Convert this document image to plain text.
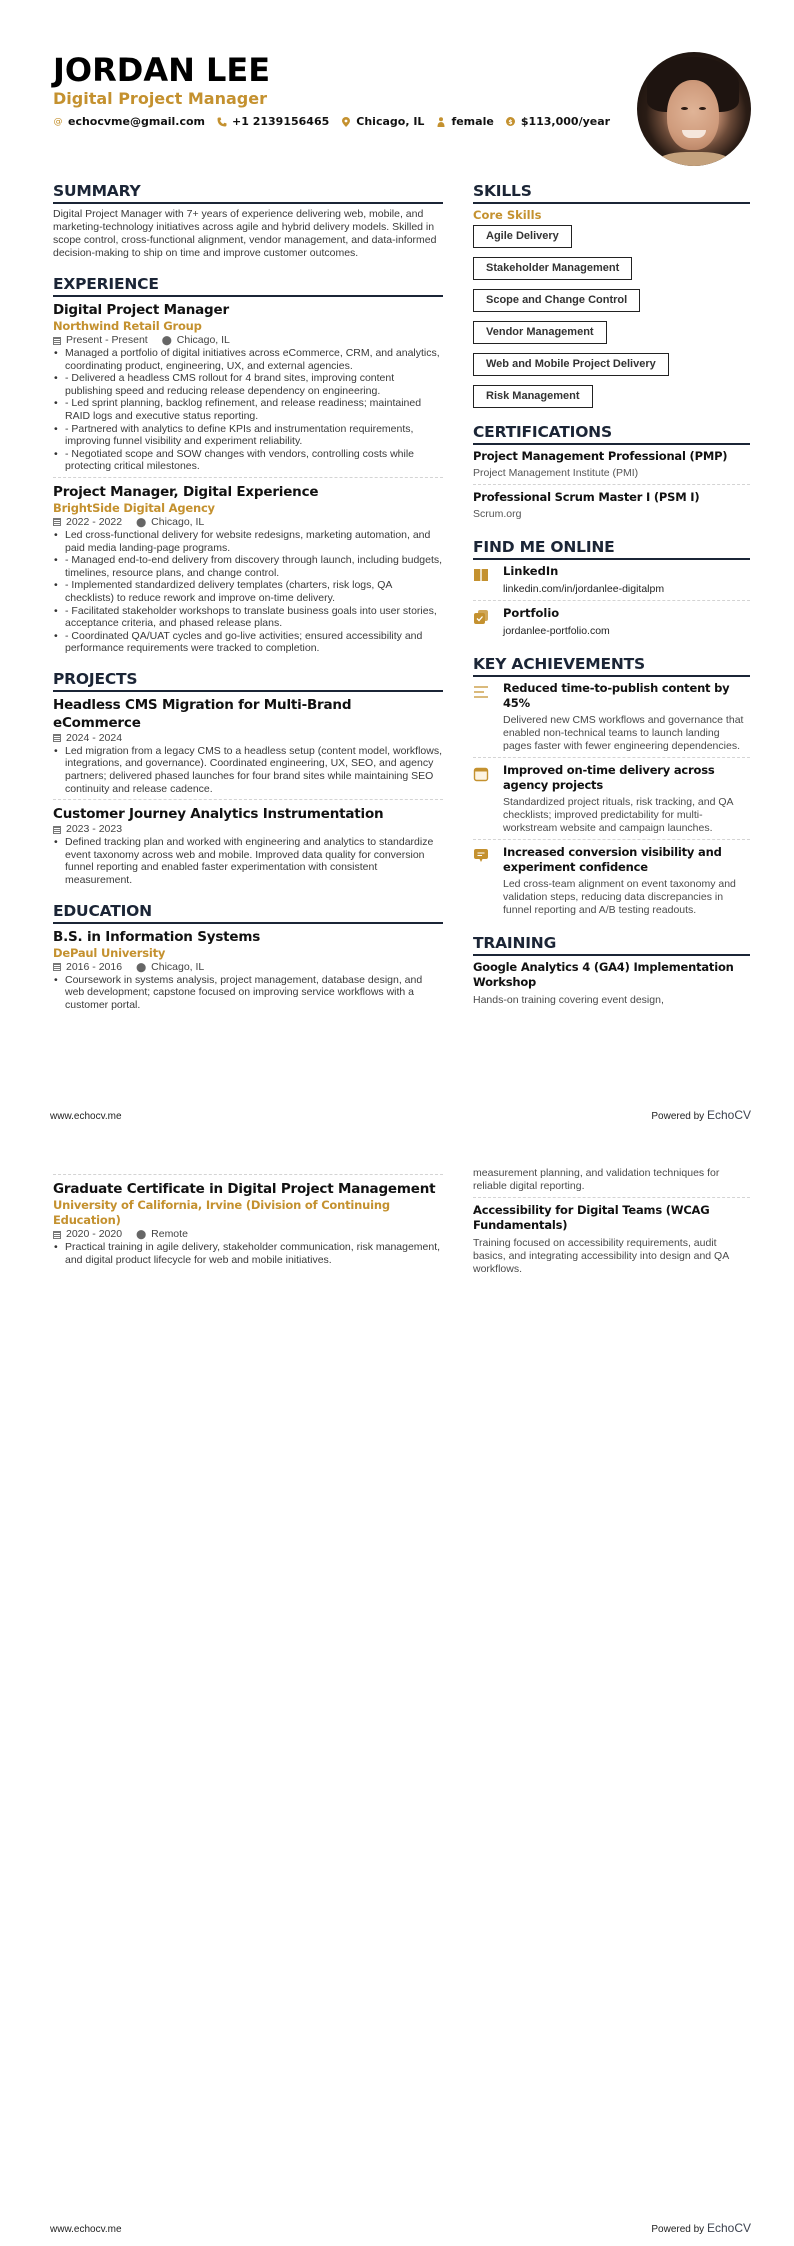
JORDAN LEE
Digital Project Manager
@ echocvme@gmail.com +1 2139156465 Chicago, IL female $ $113,000/year
SUMMARY
Digital Project Manager with 7+ years of experience delivering web, mobile, and marketing-technology initiatives across agile and hybrid delivery models. Skilled in scope control, cross-functional alignment, vendor management, and data-informed decision-making to ship on time and improve customer outcomes.
EXPERIENCE
Digital Project Manager
Northwind Retail Group
Present - Present ⬤ Chicago, IL
• Managed a portfolio of digital initiatives across eCommerce, CRM, and analytics, coordinating product, engineering, UX, and external agencies.
• - Delivered a headless CMS rollout for 4 brand sites, improving content publishing speed and reducing release dependency on engineering.
• - Led sprint planning, backlog refinement, and release readiness; maintained RAID logs and executive status reporting.
• - Partnered with analytics to define KPIs and instrumentation requirements, improving funnel visibility and experiment reliability.
• - Negotiated scope and SOW changes with vendors, controlling costs while protecting critical milestones.
Project Manager, Digital Experience
BrightSide Digital Agency
2022 - 2022 ⬤ Chicago, IL
• Led cross-functional delivery for website redesigns, marketing automation, and paid media landing-page programs.
• - Managed end-to-end delivery from discovery through launch, including budgets, timelines, resource plans, and change control.
• - Implemented standardized delivery templates (charters, risk logs, QA checklists) to reduce rework and improve on-time delivery.
• - Facilitated stakeholder workshops to translate business goals into user stories, acceptance criteria, and phased release plans.
• - Coordinated QA/UAT cycles and go-live activities; ensured accessibility and performance requirements were tracked to completion.
PROJECTS
Headless CMS Migration for Multi-Brand eCommerce
2024 - 2024
• Led migration from a legacy CMS to a headless setup (content model, workflows, integrations, and governance). Coordinated engineering, UX, SEO, and agency partners; delivered phased launches for four brand sites while maintaining SEO continuity and release cadence.
Customer Journey Analytics Instrumentation
2023 - 2023
• Defined tracking plan and worked with engineering and analytics to standardize event taxonomy across web and mobile. Improved data quality for conversion funnel reporting and enabled faster experimentation with consistent measurement.
EDUCATION
B.S. in Information Systems
DePaul University
2016 - 2016 ⬤ Chicago, IL
• Coursework in systems analysis, project management, database design, and web development; capstone focused on improving service workflows with a customer portal.
SKILLS
Core Skills
Agile Delivery
Stakeholder Management
Scope and Change Control
Vendor Management
Web and Mobile Project Delivery
Risk Management
CERTIFICATIONS
Project Management Professional (PMP)
Project Management Institute (PMI)
Professional Scrum Master I (PSM I)
Scrum.org
FIND ME ONLINE
LinkedIn
linkedin.com/in/jordanlee-digitalpm
Portfolio
jordanlee-portfolio.com
KEY ACHIEVEMENTS
Reduced time-to-publish content by 45%
Delivered new CMS workflows and governance that enabled non-technical teams to launch landing pages faster with fewer engineering dependencies.
Improved on-time delivery across agency projects
Standardized project rituals, risk tracking, and QA checklists; improved predictability for multi-workstream website and campaign launches.
Increased conversion visibility and experiment confidence
Led cross-team alignment on event taxonomy and validation steps, reducing data discrepancies in funnel reporting and A/B testing readouts.
TRAINING
Google Analytics 4 (GA4) Implementation Workshop
Hands-on training covering event design,
www.echocv.me	Powered by EchoCV
Graduate Certificate in Digital Project Management
University of California, Irvine (Division of Continuing Education)
2020 - 2020 ⬤ Remote
• Practical training in agile delivery, stakeholder communication, risk management, and digital product lifecycle for web and mobile initiatives.
measurement planning, and validation techniques for reliable digital reporting.
Accessibility for Digital Teams (WCAG Fundamentals)
Training focused on accessibility requirements, audit basics, and integrating accessibility into design and QA workflows.
www.echocv.me	Powered by EchoCV
